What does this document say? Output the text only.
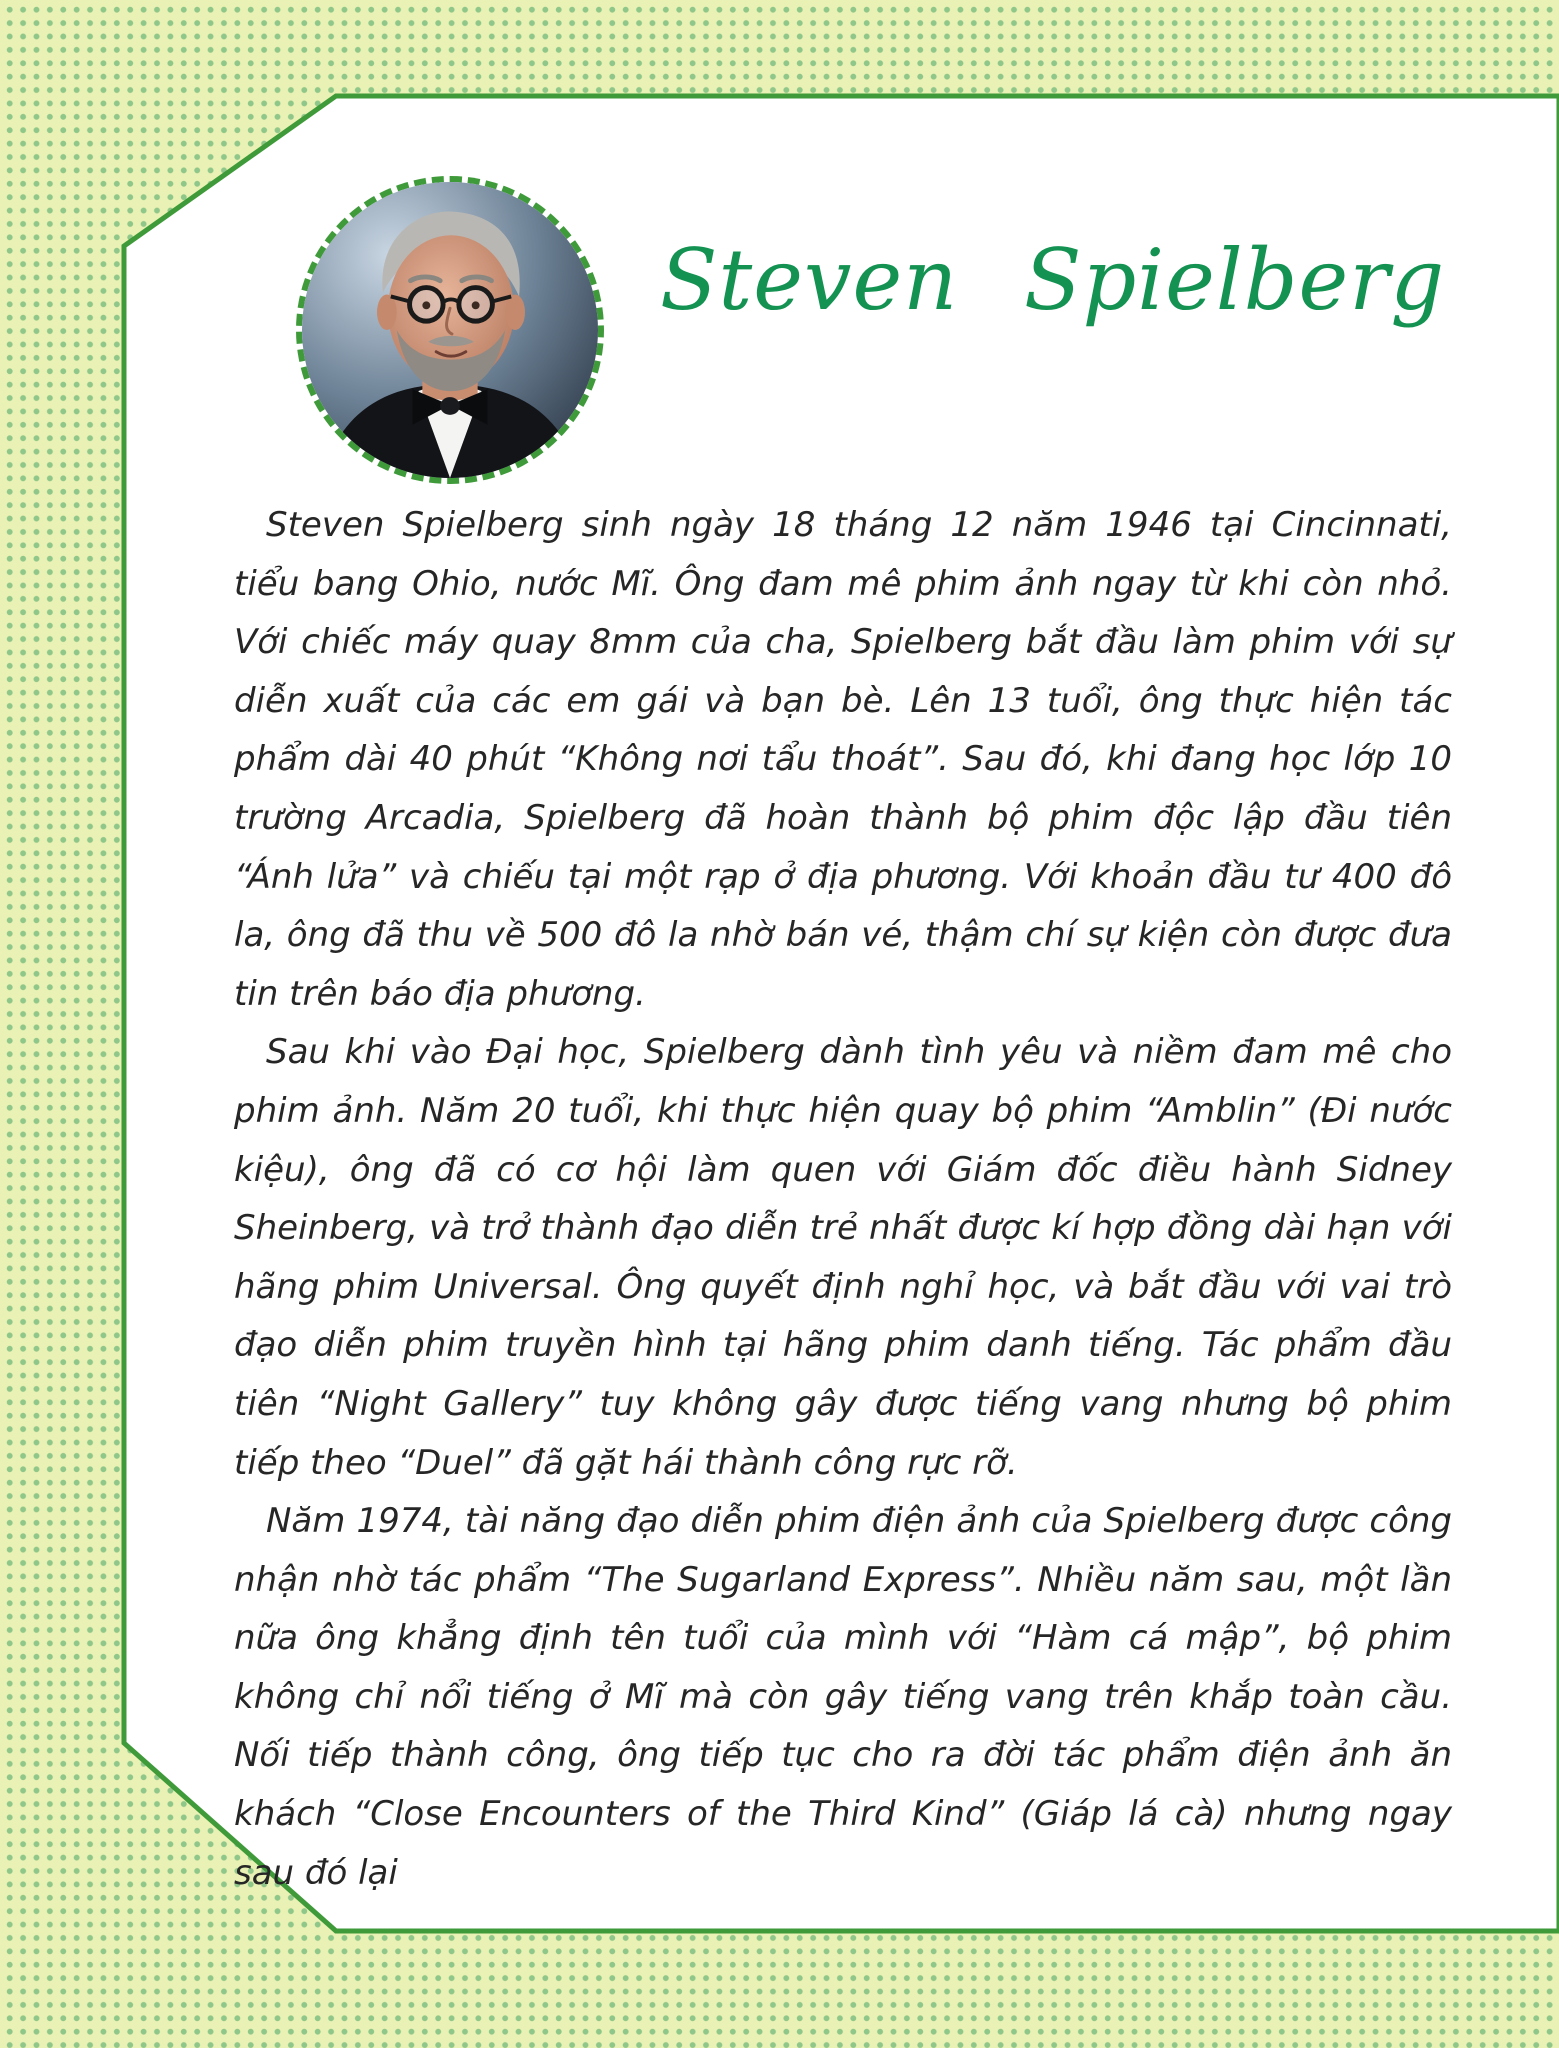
Steven Spielberg

Steven Spielberg sinh ngày 18 tháng 12 năm 1946 tại Cincinnati, tiểu bang Ohio, nước Mĩ. Ông đam mê phim ảnh ngay từ khi còn nhỏ. Với chiếc máy quay 8mm của cha, Spielberg bắt đầu làm phim với sự diễn xuất của các em gái và bạn bè. Lên 13 tuổi, ông thực hiện tác phẩm dài 40 phút “Không nơi tẩu thoát”. Sau đó, khi đang học lớp 10 trường Arcadia, Spielberg đã hoàn thành bộ phim độc lập đầu tiên “Ánh lửa” và chiếu tại một rạp ở địa phương. Với khoản đầu tư 400 đô la, ông đã thu về 500 đô la nhờ bán vé, thậm chí sự kiện còn được đưa tin trên báo địa phương.

Sau khi vào Đại học, Spielberg dành tình yêu và niềm đam mê cho phim ảnh. Năm 20 tuổi, khi thực hiện quay bộ phim “Amblin” (Đi nước kiệu), ông đã có cơ hội làm quen với Giám đốc điều hành Sidney Sheinberg, và trở thành đạo diễn trẻ nhất được kí hợp đồng dài hạn với hãng phim Universal. Ông quyết định nghỉ học, và bắt đầu với vai trò đạo diễn phim truyền hình tại hãng phim danh tiếng. Tác phẩm đầu tiên “Night Gallery” tuy không gây được tiếng vang nhưng bộ phim tiếp theo “Duel” đã gặt hái thành công rực rỡ.

Năm 1974, tài năng đạo diễn phim điện ảnh của Spielberg được công nhận nhờ tác phẩm “The Sugarland Express”. Nhiều năm sau, một lần nữa ông khẳng định tên tuổi của mình với “Hàm cá mập”, bộ phim không chỉ nổi tiếng ở Mĩ mà còn gây tiếng vang trên khắp toàn cầu. Nối tiếp thành công, ông tiếp tục cho ra đời tác phẩm điện ảnh ăn khách “Close Encounters of the Third Kind” (Giáp lá cà) nhưng ngay sau đó lại
